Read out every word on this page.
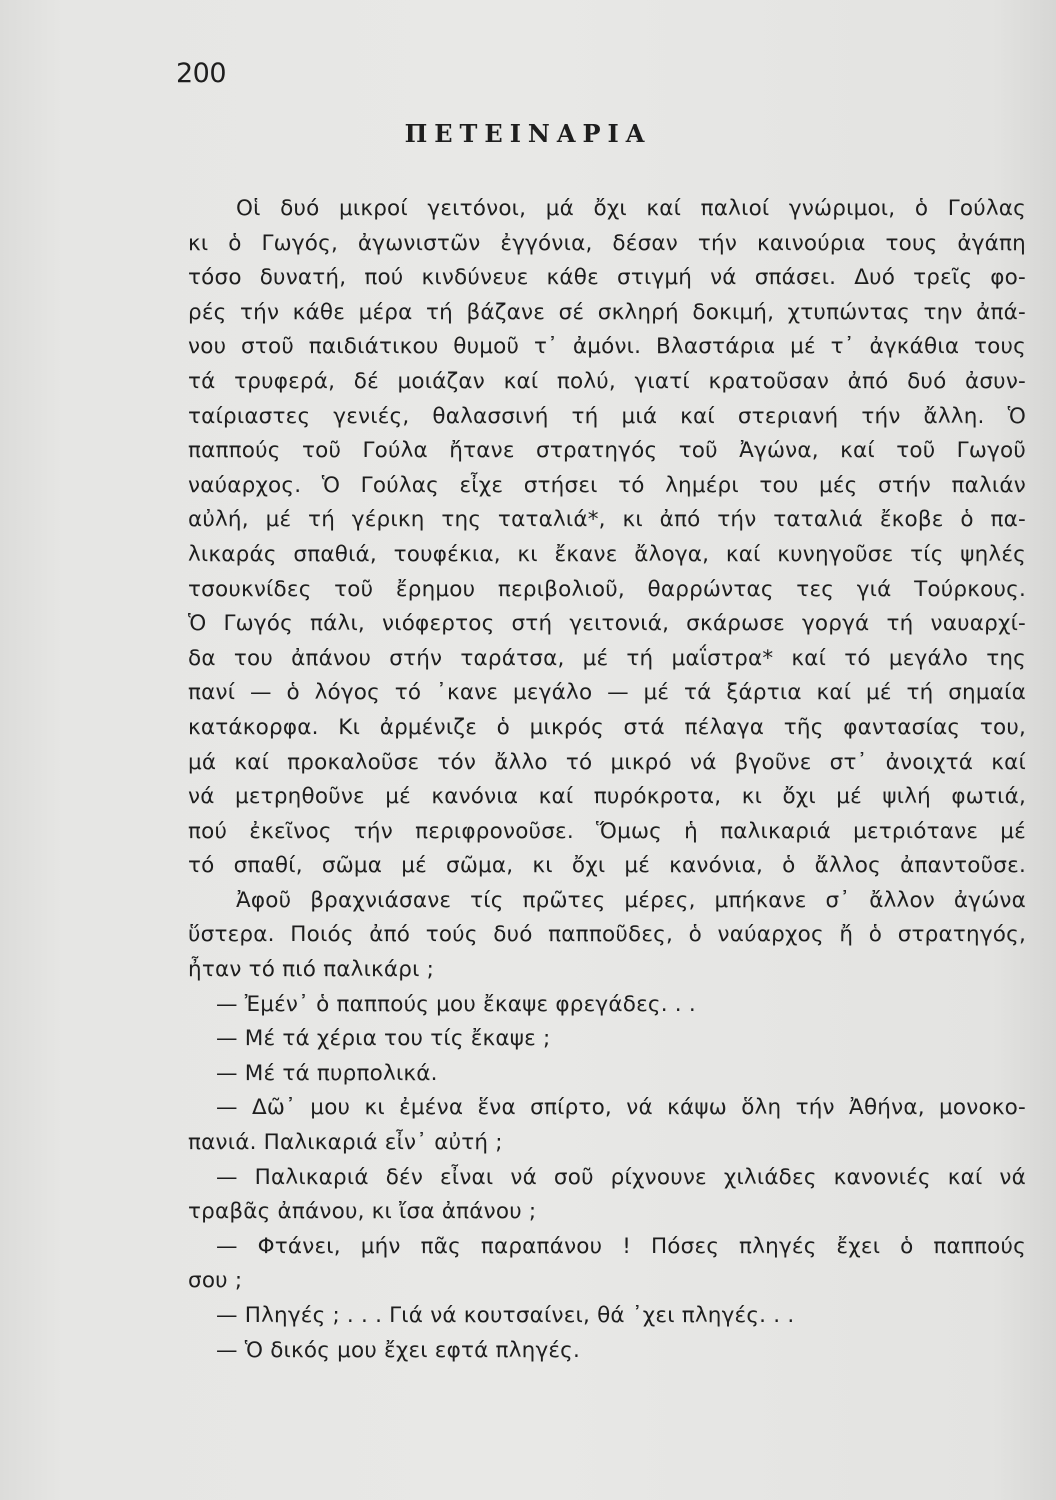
200
ΠΕΤΕΙΝΑΡΙΑ
Οἱ δυό μικροί γειτόνοι, μά ὄχι καί παλιοί γνώριμοι, ὁ Γούλας
κι ὁ Γωγός, ἀγωνιστῶν ἐγγόνια, δέσαν τήν καινούρια τους ἀγάπη
τόσο δυνατή, πού κινδύνευε κάθε στιγμή νά σπάσει. Δυό τρεῖς φο-
ρές τήν κάθε μέρα τή βάζανε σέ σκληρή δοκιμή, χτυπώντας την ἀπά-
νου στοῦ παιδιάτικου θυμοῦ τ᾽ ἀμόνι. Βλαστάρια μέ τ᾽ ἀγκάθια τους
τά τρυφερά, δέ μοιάζαν καί πολύ, γιατί κρατοῦσαν ἀπό δυό ἀσυν-
ταίριαστες γενιές, θαλασσινή τή μιά καί στεριανή τήν ἄλλη. Ὁ
παππούς τοῦ Γούλα ἤτανε στρατηγός τοῦ Ἀγώνα, καί τοῦ Γωγοῦ
ναύαρχος. Ὁ Γούλας εἶχε στήσει τό λημέρι του μές στήν παλιάν
αὐλή, μέ τή γέρικη της ταταλιά*, κι ἀπό τήν ταταλιά ἔκοβε ὁ πα-
λικαράς σπαθιά, τουφέκια, κι ἔκανε ἄλογα, καί κυνηγοῦσε τίς ψηλές
τσουκνίδες τοῦ ἔρημου περιβολιοῦ, θαρρώντας τες γιά Τούρκους.
Ὁ Γωγός πάλι, νιόφερτος στή γειτονιά, σκάρωσε γοργά τή ναυαρχί-
δα του ἀπάνου στήν ταράτσα, μέ τή μαΐστρα* καί τό μεγάλο της
πανί — ὁ λόγος τό ᾽κανε μεγάλο — μέ τά ξάρτια καί μέ τή σημαία
κατάκορφα. Κι ἀρμένιζε ὁ μικρός στά πέλαγα τῆς φαντασίας του,
μά καί προκαλοῦσε τόν ἄλλο τό μικρό νά βγοῦνε στ᾽ ἀνοιχτά καί
νά μετρηθοῦνε μέ κανόνια καί πυρόκροτα, κι ὄχι μέ ψιλή φωτιά,
πού ἐκεῖνος τήν περιφρονοῦσε. Ὅμως ἡ παλικαριά μετριότανε μέ
τό σπαθί, σῶμα μέ σῶμα, κι ὄχι μέ κανόνια, ὁ ἄλλος ἀπαντοῦσε.
Ἀφοῦ βραχνιάσανε τίς πρῶτες μέρες, μπήκανε σ᾽ ἄλλον ἀγώνα
ὕστερα. Ποιός ἀπό τούς δυό παπποῦδες, ὁ ναύαρχος ἤ ὁ στρατηγός,
ἦταν τό πιό παλικάρι ;
— Ἐμέν᾽ ὁ παππούς μου ἔκαψε φρεγάδες. . .
— Μέ τά χέρια του τίς ἔκαψε ;
— Μέ τά πυρπολικά.
— Δῶ᾽ μου κι ἐμένα ἕνα σπίρτο, νά κάψω ὅλη τήν Ἀθήνα, μονοκο-
πανιά. Παλικαριά εἶν᾽ αὐτή ;
— Παλικαριά δέν εἶναι νά σοῦ ρίχνουνε χιλιάδες κανονιές καί νά
τραβᾶς ἀπάνου, κι ἴσα ἀπάνου ;
— Φτάνει, μήν πᾶς παραπάνου ! Πόσες πληγές ἔχει ὁ παππούς
σου ;
— Πληγές ; . . . Γιά νά κουτσαίνει, θά ᾽χει πληγές. . .
— Ὁ δικός μου ἔχει εφτά πληγές.
